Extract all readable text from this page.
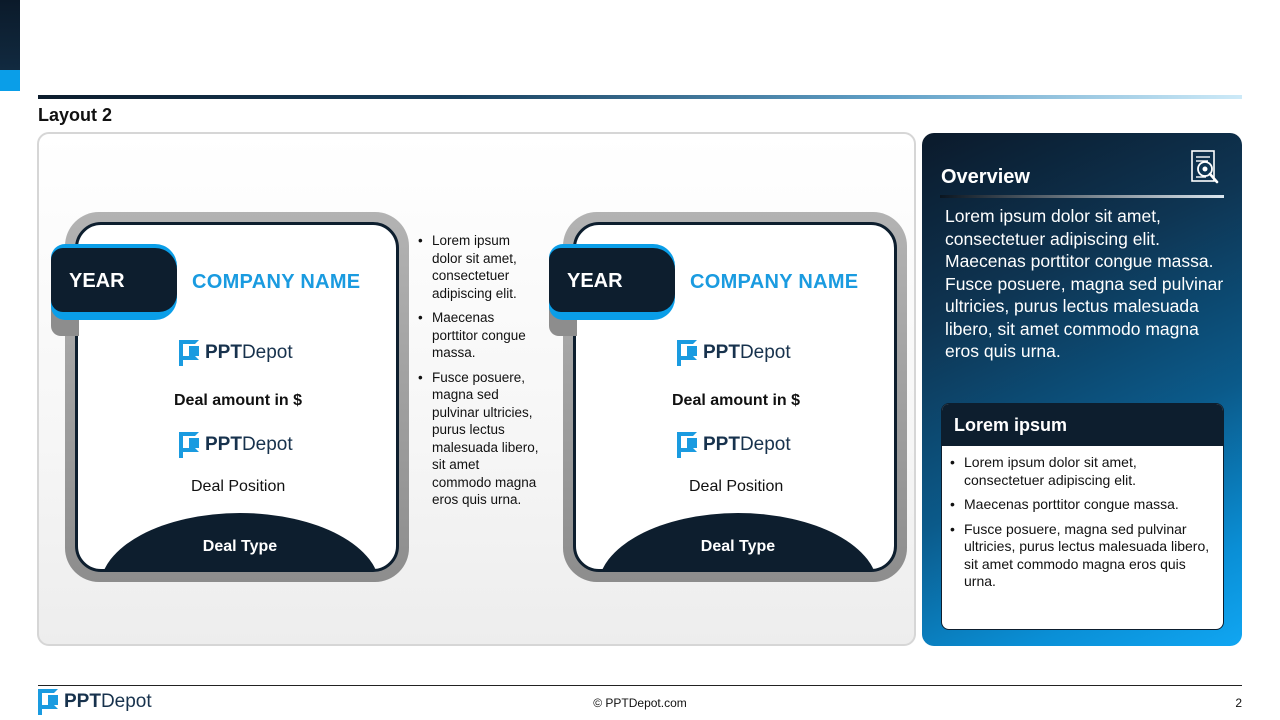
Layout 2
Deal Type
YEAR	COMPANY NAME
PPTDepot
Deal amount in $
PPTDepot
Deal Position
Deal Type
YEAR	COMPANY NAME
PPTDepot
Deal amount in $
PPTDepot
Deal Position
• Lorem ipsum dolor sit amet, consectetuer adipiscing elit.
• Maecenas porttitor congue massa.
• Fusce posuere, magna sed pulvinar ultricies, purus lectus malesuada libero, sit amet commodo magna eros quis urna.
Overview
Lorem ipsum dolor sit amet, consectetuer adipiscing elit. Maecenas porttitor congue massa. Fusce posuere, magna sed pulvinar ultricies, purus lectus malesuada libero, sit amet commodo magna eros quis urna.
Lorem ipsum
• Lorem ipsum dolor sit amet, consectetuer adipiscing elit.
• Maecenas porttitor congue massa.
• Fusce posuere, magna sed pulvinar ultricies, purus lectus malesuada libero, sit amet commodo magna eros quis urna.
PPTDepot	© PPTDepot.com	2
